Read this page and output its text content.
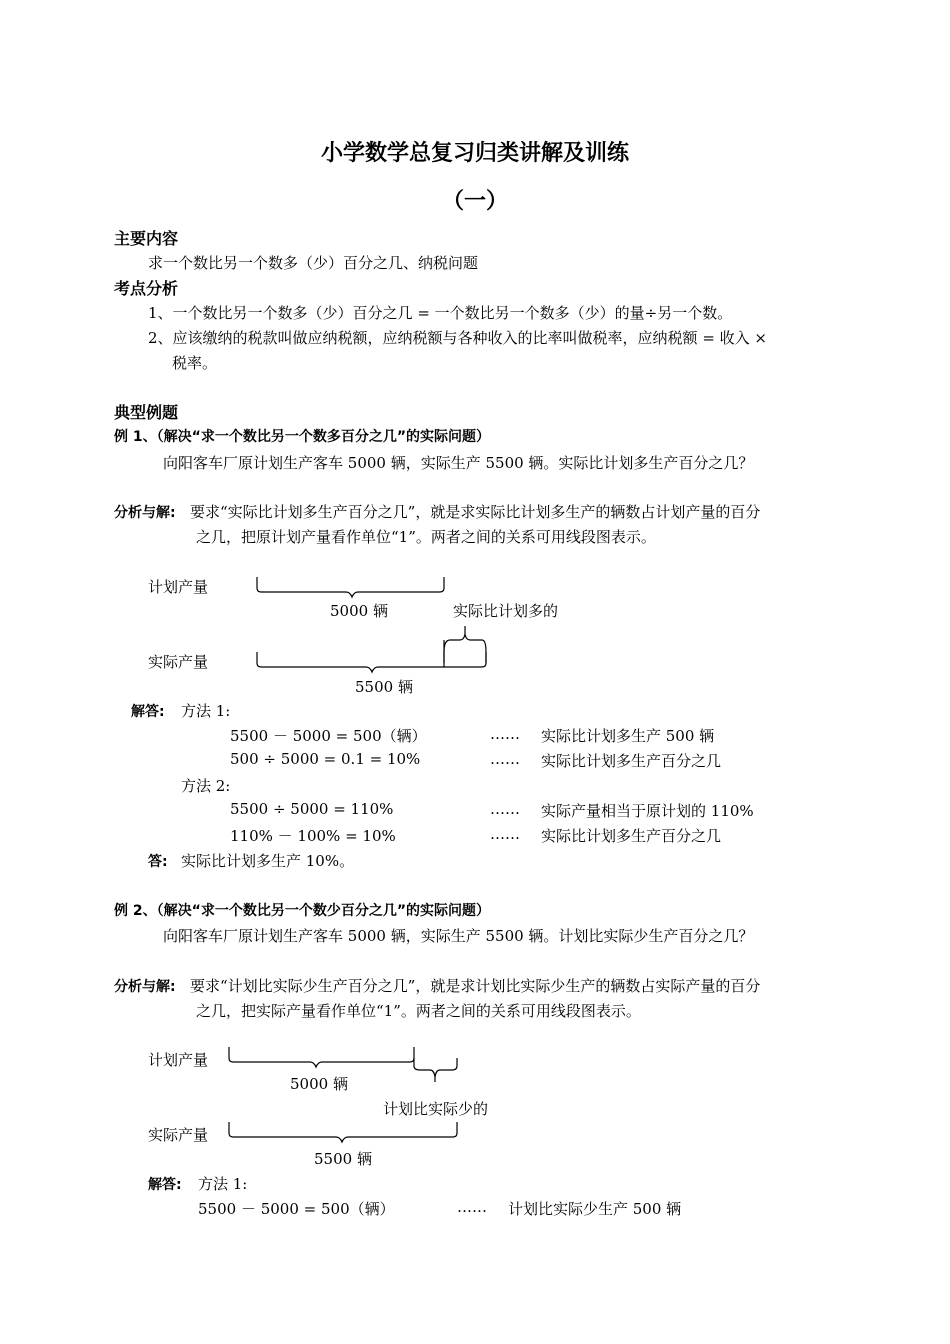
小学数学总复习归类讲解及训练
（一）
主要内容
求一个数比另一个数多（少）百分之几、纳税问题
考点分析
1、一个数比另一个数多（少）百分之几 = 一个数比另一个数多（少）的量÷另一个数。
2、应该缴纳的税款叫做应纳税额，应纳税额与各种收入的比率叫做税率，应纳税额 = 收入 ×
税率。
典型例题
例 1、（解决“求一个数比另一个数多百分之几”的实际问题）
向阳客车厂原计划生产客车 5000 辆，实际生产 5500 辆。实际比计划多生产百分之几？
分析与解: 要求“实际比计划多生产百分之几”，就是求实际比计划多生产的辆数占计划产量的百分
之几，把原计划产量看作单位“1”。两者之间的关系可用线段图表示。
计划产量
5000 辆	实际比计划多的
实际产量
5500 辆
解答: 方法 1:
5500 － 5000 = 500（辆）	…… 实际比计划多生产 500 辆
500 ÷ 5000 = 0.1 = 10%	…… 实际比计划多生产百分之几
方法 2:
5500 ÷ 5000 = 110%	…… 实际产量相当于原计划的 110%
110% － 100% = 10%	…… 实际比计划多生产百分之几
答: 实际比计划多生产 10%。
例 2、（解决“求一个数比另一个数少百分之几”的实际问题）
向阳客车厂原计划生产客车 5000 辆，实际生产 5500 辆。计划比实际少生产百分之几？
分析与解: 要求“计划比实际少生产百分之几”，就是求计划比实际少生产的辆数占实际产量的百分
之几，把实际产量看作单位“1”。两者之间的关系可用线段图表示。
计划产量
5000 辆
计划比实际少的
实际产量
5500 辆
解答: 方法 1:
5500 － 5000 = 500（辆）	…… 计划比实际少生产 500 辆
